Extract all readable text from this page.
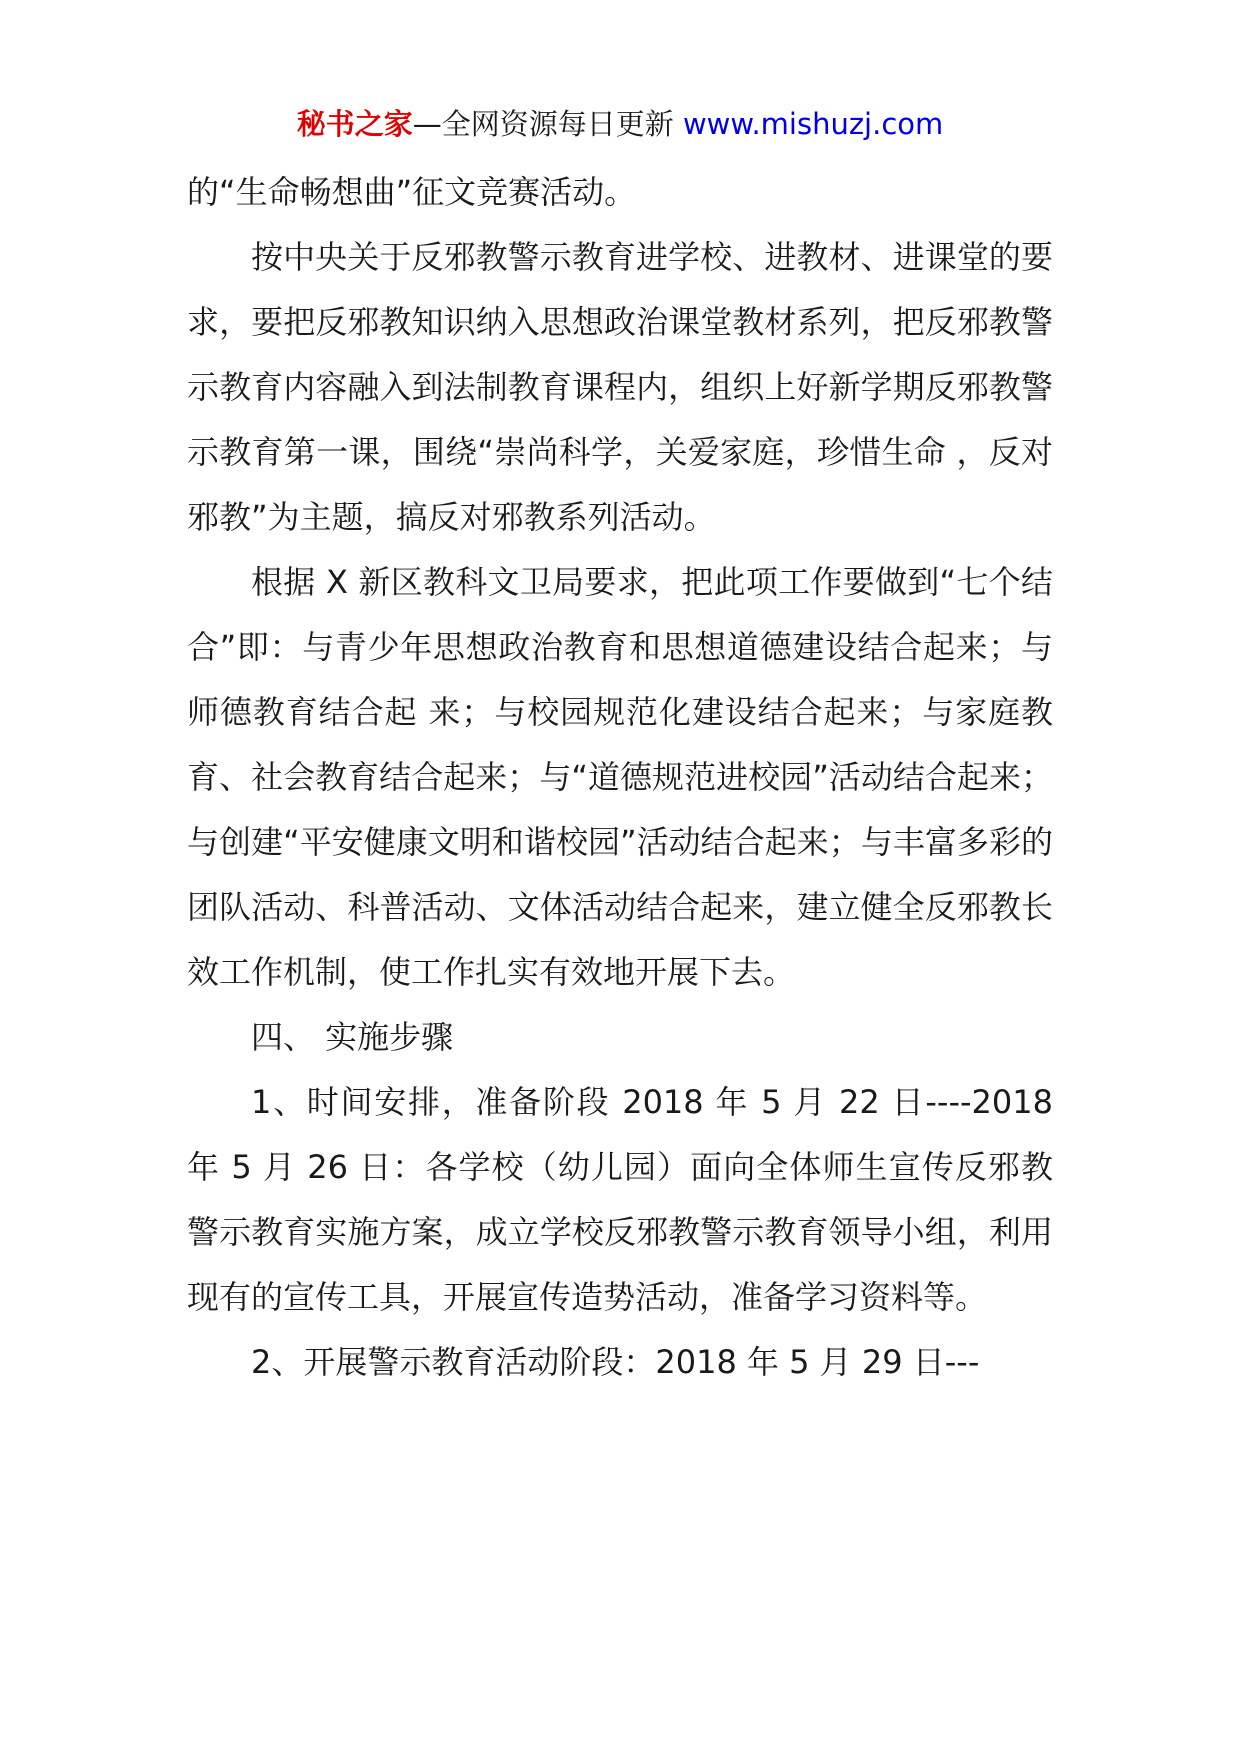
秘书之家—全网资源每日更新 www.mishuzj.com

的“生命畅想曲”征文竞赛活动。

按中央关于反邪教警示教育进学校、进教材、进课堂的要求，要把反邪教知识纳入思想政治课堂教材系列，把反邪教警示教育内容融入到法制教育课程内，组织上好新学期反邪教警示教育第一课，围绕“崇尚科学，关爱家庭，珍惜生命 ，反对邪教”为主题，搞反对邪教系列活动。

根据 X 新区教科文卫局要求，把此项工作要做到“七个结合”即：与青少年思想政治教育和思想道德建设结合起来；与师德教育结合起 来；与校园规范化建设结合起来；与家庭教育、社会教育结合起来；与“道德规范进校园”活动结合起来；与创建“平安健康文明和谐校园”活动结合起来；与丰富多彩的团队活动、科普活动、文体活动结合起来，建立健全反邪教长效工作机制，使工作扎实有效地开展下去。

四、 实施步骤

1、时间安排，准备阶段 2018 年 5 月 22 日----2018 年 5 月 26 日：各学校（幼儿园）面向全体师生宣传反邪教警示教育实施方案，成立学校反邪教警示教育领导小组，利用现有的宣传工具，开展宣传造势活动，准备学习资料等。

2、开展警示教育活动阶段：2018 年 5 月 29 日---
